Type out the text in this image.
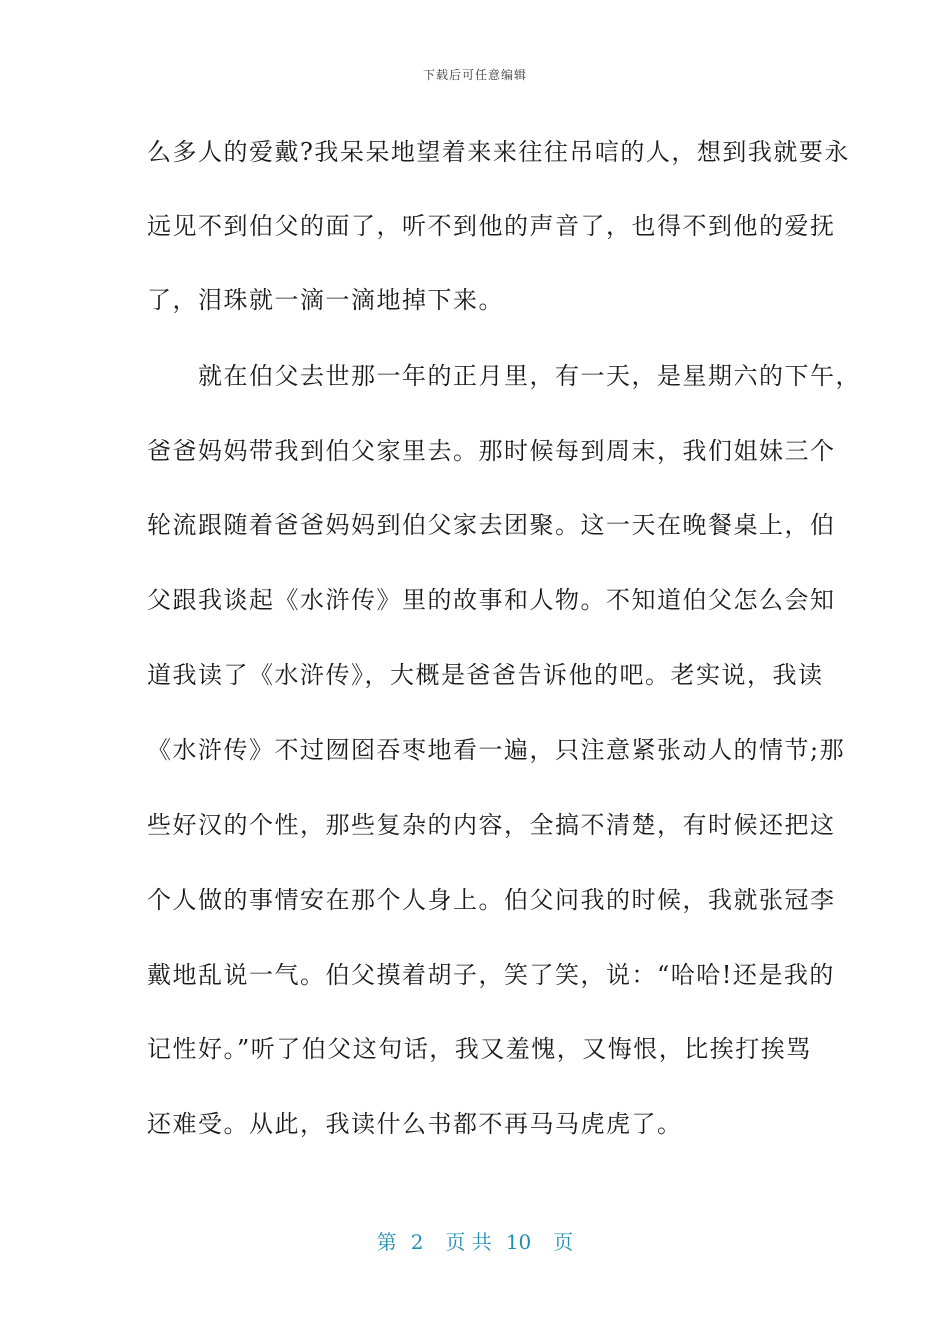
下载后可任意编辑
么多人的爱戴?我呆呆地望着来来往往吊唁的人，想到我就要永
远见不到伯父的面了，听不到他的声音了，也得不到他的爱抚
了，泪珠就一滴一滴地掉下来。
　　就在伯父去世那一年的正月里，有一天，是星期六的下午，
爸爸妈妈带我到伯父家里去。那时候每到周末，我们姐妹三个
轮流跟随着爸爸妈妈到伯父家去团聚。这一天在晚餐桌上，伯
父跟我谈起《水浒传》里的故事和人物。不知道伯父怎么会知
道我读了《水浒传》，大概是爸爸告诉他的吧。老实说，我读
《水浒传》不过囫囵吞枣地看一遍，只注意紧张动人的情节;那
些好汉的个性，那些复杂的内容，全搞不清楚，有时候还把这
个人做的事情安在那个人身上。伯父问我的时候，我就张冠李
戴地乱说一气。伯父摸着胡子，笑了笑，说：“哈哈!还是我的
记性好。”听了伯父这句话，我又羞愧，又悔恨，比挨打挨骂
还难受。从此，我读什么书都不再马马虎虎了。
第 2 页 共 10 页
